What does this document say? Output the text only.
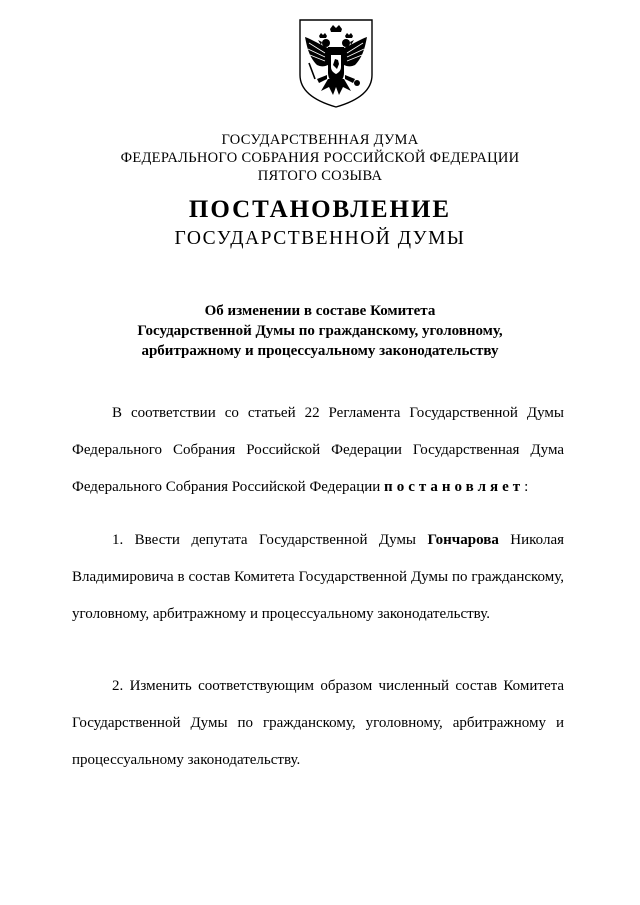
ГОСУДАРСТВЕННАЯ ДУМА
ФЕДЕРАЛЬНОГО СОБРАНИЯ РОССИЙСКОЙ ФЕДЕРАЦИИ
ПЯТОГО СОЗЫВА
ПОСТАНОВЛЕНИЕ
ГОСУДАРСТВЕННОЙ ДУМЫ
Об изменении в составе Комитета
Государственной Думы по гражданскому, уголовному,
арбитражному и процессуальному законодательству
В соответствии со статьей 22 Регламента Государственной Думы Федерального Собрания Российской Федерации Государственная Дума Федерального Собрания Российской Федерации постановляет:
1. Ввести депутата Государственной Думы Гончарова Николая Владимировича в состав Комитета Государственной Думы по гражданскому, уголовному, арбитражному и процессуальному законодательству.
2. Изменить соответствующим образом численный состав Комитета Государственной Думы по гражданскому, уголовному, арбитражному и процессуальному законодательству.
